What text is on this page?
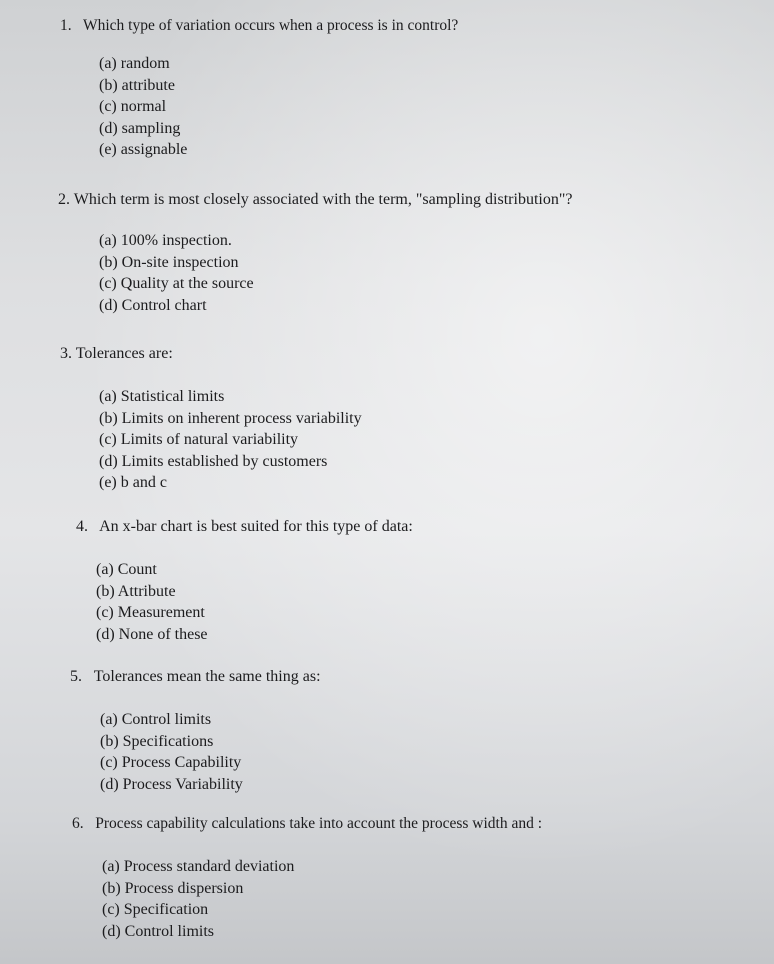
1. Which type of variation occurs when a process is in control?
(a) random
(b) attribute
(c) normal
(d) sampling
(e) assignable
2. Which term is most closely associated with the term, "sampling distribution"?
(a) 100% inspection.
(b) On-site inspection
(c) Quality at the source
(d) Control chart
3. Tolerances are:
(a) Statistical limits
(b) Limits on inherent process variability
(c) Limits of natural variability
(d) Limits established by customers
(e) b and c
4. An x-bar chart is best suited for this type of data:
(a) Count
(b) Attribute
(c) Measurement
(d) None of these
5. Tolerances mean the same thing as:
(a) Control limits
(b) Specifications
(c) Process Capability
(d) Process Variability
6. Process capability calculations take into account the process width and :
(a) Process standard deviation
(b) Process dispersion
(c) Specification
(d) Control limits
